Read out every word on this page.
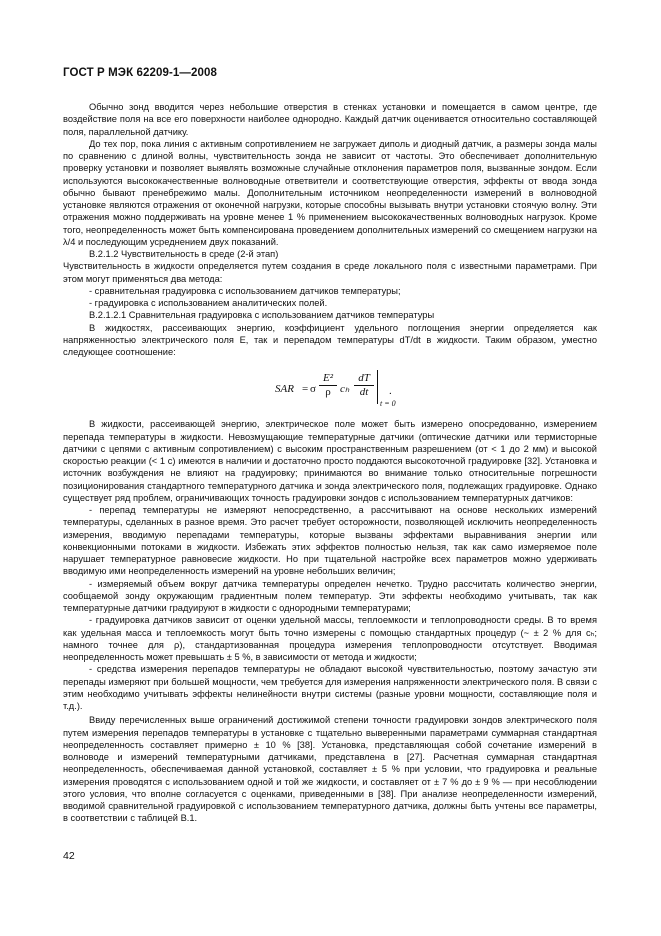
ГОСТ Р МЭК 62209-1—2008

Обычно зонд вводится через небольшие отверстия в стенках установки и помещается в самом центре, где воздействие поля на все его поверхности наиболее однородно. Каждый датчик оценивается относительно составляющей поля, параллельной датчику.

До тех пор, пока линия с активным сопротивлением не загружает диполь и диодный датчик, а размеры зонда малы по сравнению с длиной волны, чувствительность зонда не зависит от частоты. Это обеспечивает дополнительную проверку установки и позволяет выявлять возможные случайные отклонения параметров поля, вызванные зондом. Если используются высококачественные волноводные ответвители и соответствующие отверстия, эффекты от ввода зонда обычно бывают пренебрежимо малы. Дополнительным источником неопределенности измерений в волноводной установке являются отражения от оконечной нагрузки, которые способны вызывать внутри установки стоячую волну. Эти отражения можно поддерживать на уровне менее 1 % применением высококачественных волноводных нагрузок. Кроме того, неопределенность может быть компенсирована проведением дополнительных измерений со смещением нагрузки на λ/4 и последующим усреднением двух показаний.

В.2.1.2 Чувствительность в среде (2-й этап)

Чувствительность в жидкости определяется путем создания в среде локального поля с известными параметрами. При этом могут применяться два метода:

- сравнительная градуировка с использованием датчиков температуры;

- градуировка с использованием аналитических полей.

В.2.1.2.1 Сравнительная градуировка с использованием датчиков температуры

В жидкостях, рассеивающих энергию, коэффициент удельного поглощения энергии определяется как напряженностью электрического поля E, так и перепадом температуры dT/dt в жидкости. Таким образом, уместно следующее соотношение:

SAR = σ $\frac{\text{E²}}{\rho}$ cₕ $\frac{dT}{dt}$
t = 0
.

В жидкости, рассеивающей энергию, электрическое поле может быть измерено опосредованно, измерением перепада температуры в жидкости. Невозмущающие температурные датчики (оптические датчики или термисторные датчики с цепями с активным сопротивлением) с высоким пространственным разрешением (от < 1 до 2 мм) и высокой скоростью реакции (< 1 с) имеются в наличии и достаточно просто поддаются высокоточной градуировке [32]. Установка и источник возбуждения не влияют на градуировку; принимаются во внимание только относительные погрешности позиционирования стандартного температурного датчика и зонда электрического поля, подлежащих градуировке. Однако существует ряд проблем, ограничивающих точность градуировки зондов с использованием температурных датчиков:

- перепад температуры не измеряют непосредственно, а рассчитывают на основе нескольких измерений температуры, сделанных в разное время. Это расчет требует осторожности, позволяющей исключить неопределенность измерения, вводимую перепадами температуры, которые вызваны эффектами выравнивания энергии или конвекционными потоками в жидкости. Избежать этих эффектов полностью нельзя, так как само измеряемое поле нарушает температурное равновесие жидкости. Но при тщательной настройке всех параметров можно удерживать вводимую ими неопределенность измерений на уровне небольших величин;

- измеряемый объем вокруг датчика температуры определен нечетко. Трудно рассчитать количество энергии, сообщаемой зонду окружающим градиентным полем температур. Эти эффекты необходимо учитывать, так как температурные датчики градуируют в жидкости с однородными температурами;

- градуировка датчиков зависит от оценки удельной массы, теплоемкости и теплопроводности среды. В то время как удельная масса и теплоемкость могут быть точно измерены с помощью стандартных процедур (~ ± 2 % для cₕ; намного точнее для ρ), стандартизованная процедура измерения теплопроводности отсутствует. Вводимая неопределенность может превышать ± 5 %, в зависимости от метода и жидкости;

- средства измерения перепадов температуры не обладают высокой чувствительностью, поэтому зачастую эти перепады измеряют при большей мощности, чем требуется для измерения напряженности электрического поля. В связи с этим необходимо учитывать эффекты нелинейности внутри системы (разные уровни мощности, составляющие поля и т.д.).

Ввиду перечисленных выше ограничений достижимой степени точности градуировки зондов электрического поля путем измерения перепадов температуры в установке с тщательно выверенными параметрами суммарная стандартная неопределенность составляет примерно ± 10 % [38]. Установка, представляющая собой сочетание измерений в волноводе и измерений температурными датчиками, представлена в [27]. Расчетная суммарная стандартная неопределенность, обеспечиваемая данной установкой, составляет ± 5 % при условии, что градуировка и реальные измерения проводятся с использованием одной и той же жидкости, и составляет от ± 7 % до ± 9 % — при несоблюдении этого условия, что вполне согласуется с оценками, приведенными в [38]. При анализе неопределенности измерений, вводимой сравнительной градуировкой с использованием температурного датчика, должны быть учтены все параметры, в соответствии с таблицей В.1.

42
